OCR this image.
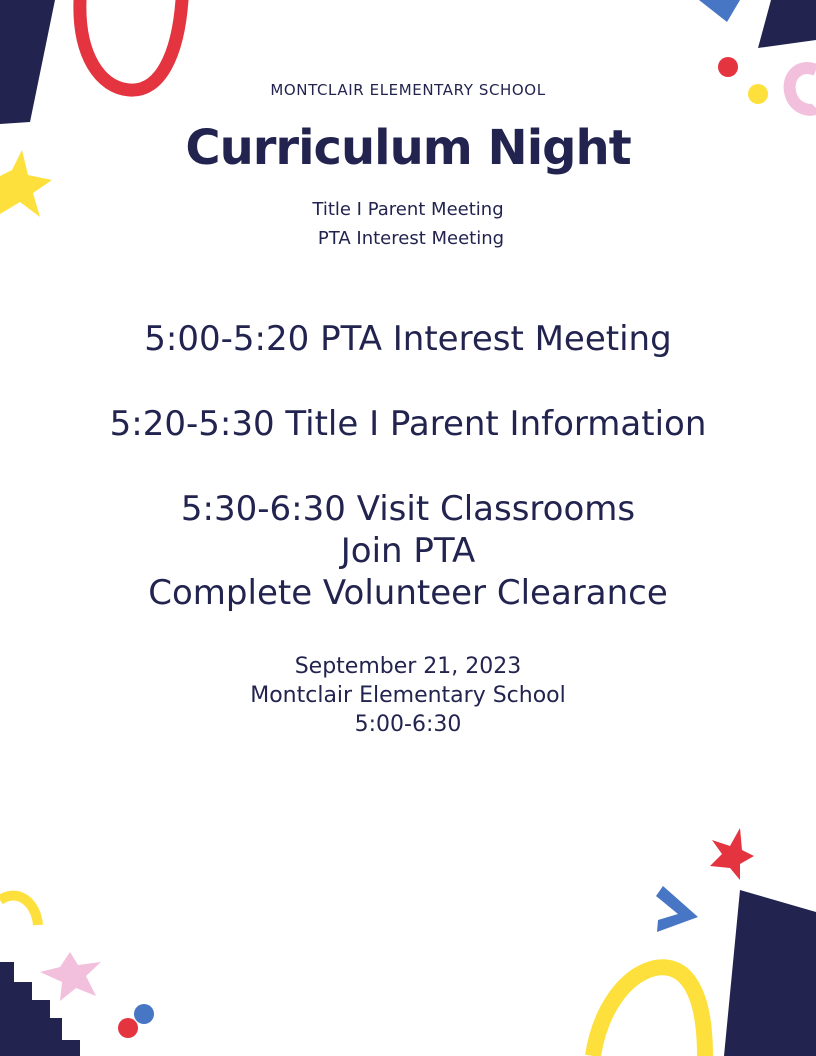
MONTCLAIR ELEMENTARY SCHOOL

Curriculum Night

Title I Parent Meeting

PTA Interest Meeting

5:00-5:20 PTA Interest Meeting
5:20-5:30 Title I Parent Information
5:30-6:30 Visit Classrooms
Join PTA
Complete Volunteer Clearance
September 21, 2023
Montclair Elementary School
5:00-6:30
